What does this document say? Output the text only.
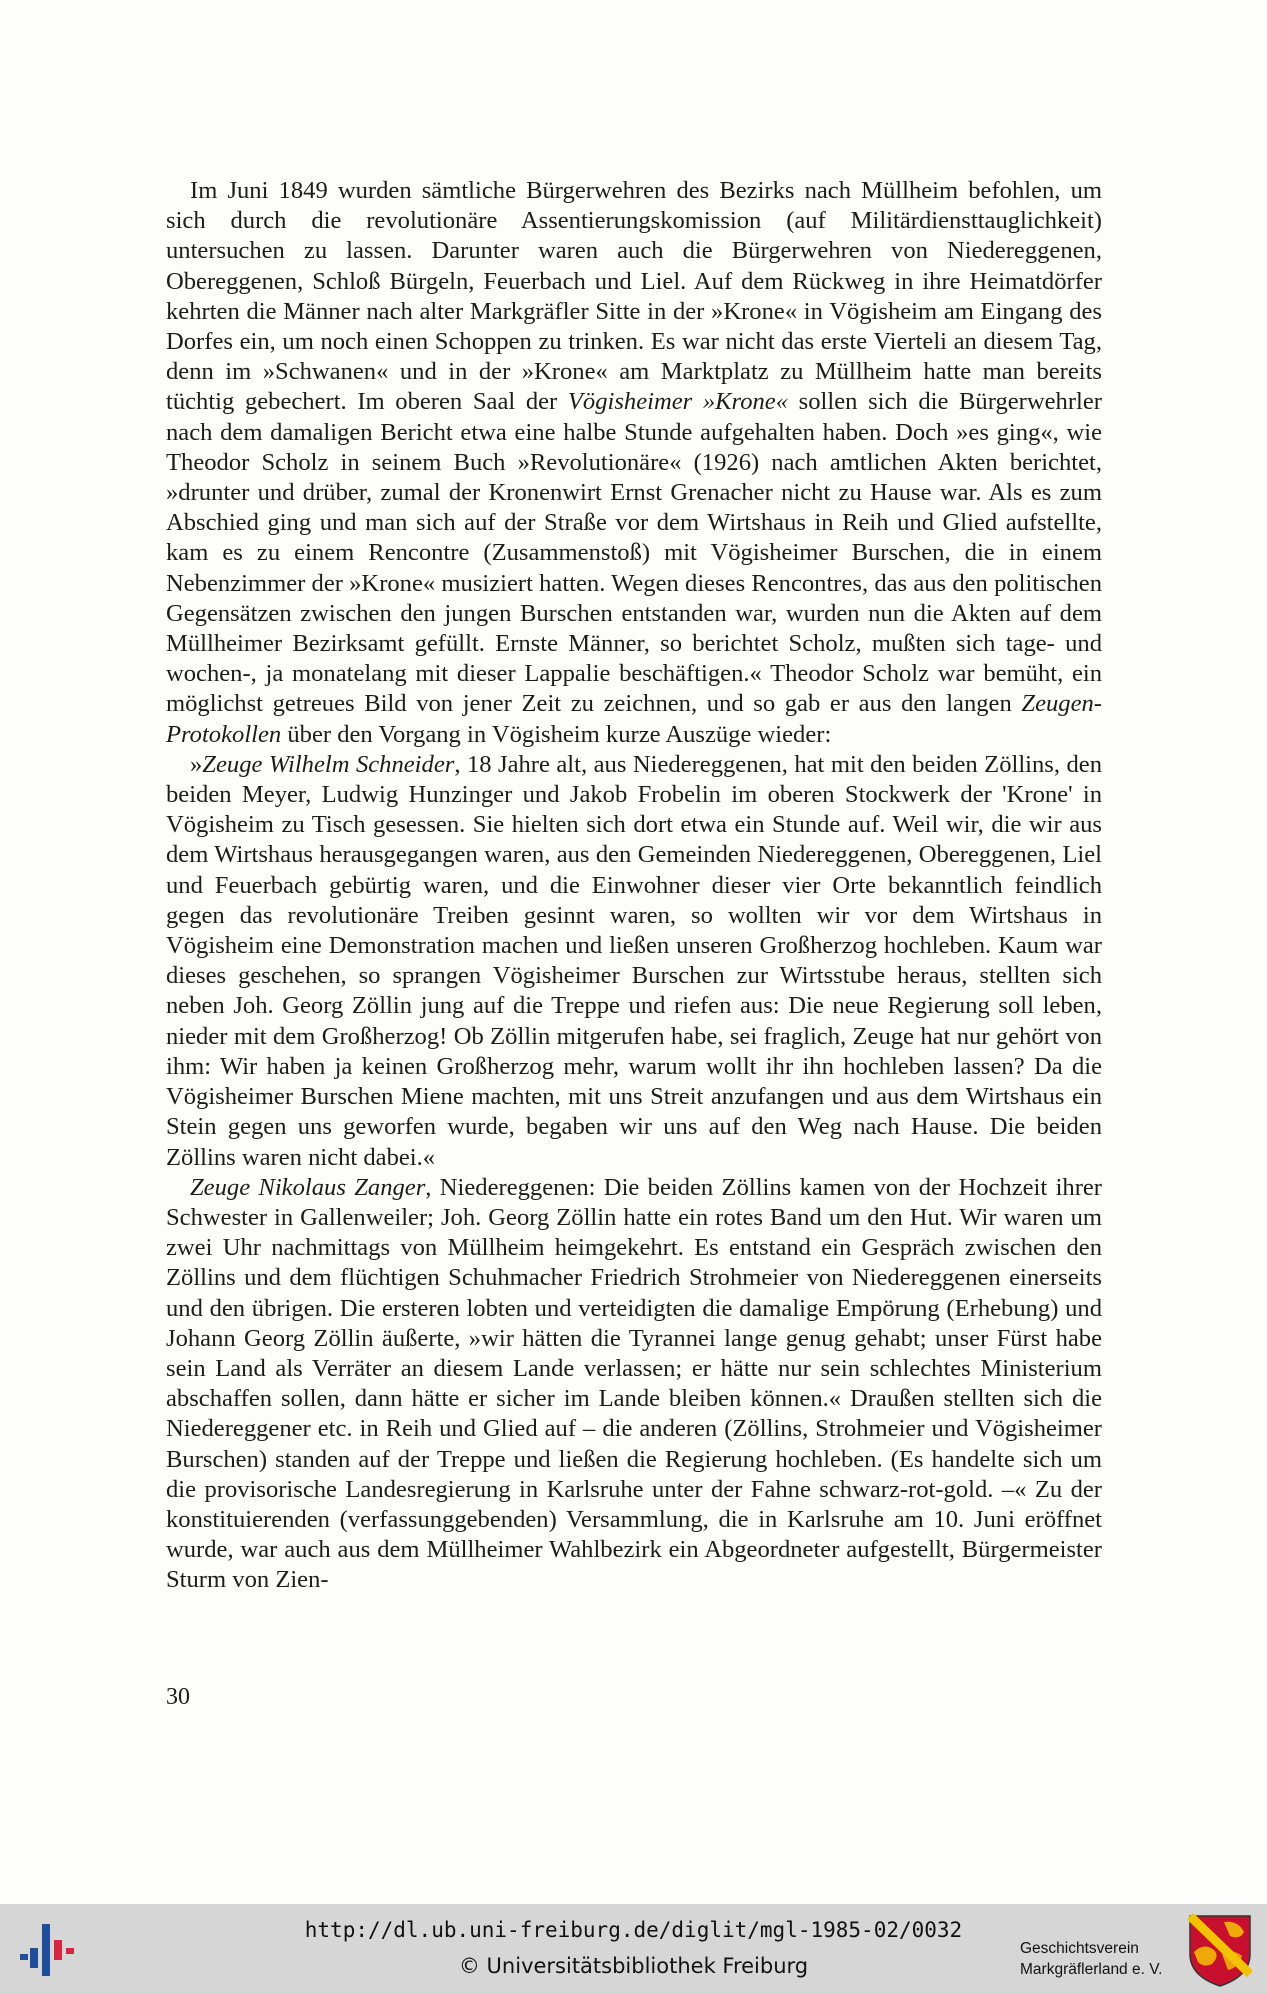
Im Juni 1849 wurden sämtliche Bürgerwehren des Bezirks nach Müllheim befohlen, um sich durch die revolutionäre Assentierungskomission (auf Militärdiensttauglichkeit) untersuchen zu lassen. Darunter waren auch die Bürgerwehren von Niedereggenen, Obereggenen, Schloß Bürgeln, Feuerbach und Liel. Auf dem Rückweg in ihre Heimatdörfer kehrten die Männer nach alter Markgräfler Sitte in der »Krone« in Vögisheim am Eingang des Dorfes ein, um noch einen Schoppen zu trinken. Es war nicht das erste Vierteli an diesem Tag, denn im »Schwanen« und in der »Krone« am Marktplatz zu Müllheim hatte man bereits tüchtig gebechert. Im oberen Saal der Vögisheimer »Krone« sollen sich die Bürgerwehrler nach dem damaligen Bericht etwa eine halbe Stunde aufgehalten haben. Doch »es ging«, wie Theodor Scholz in seinem Buch »Revolutionäre« (1926) nach amtlichen Akten berichtet, »drunter und drüber, zumal der Kronenwirt Ernst Grenacher nicht zu Hause war. Als es zum Abschied ging und man sich auf der Straße vor dem Wirtshaus in Reih und Glied aufstellte, kam es zu einem Rencontre (Zusammenstoß) mit Vögisheimer Burschen, die in einem Nebenzimmer der »Krone« musiziert hatten. Wegen dieses Rencontres, das aus den politischen Gegensätzen zwischen den jungen Burschen entstanden war, wurden nun die Akten auf dem Müllheimer Bezirksamt gefüllt. Ernste Männer, so berichtet Scholz, mußten sich tage- und wochen-, ja monatelang mit dieser Lappalie beschäftigen.« Theodor Scholz war bemüht, ein möglichst getreues Bild von jener Zeit zu zeichnen, und so gab er aus den langen Zeugen-Protokollen über den Vorgang in Vögisheim kurze Auszüge wieder:

»Zeuge Wilhelm Schneider, 18 Jahre alt, aus Niedereggenen, hat mit den beiden Zöllins, den beiden Meyer, Ludwig Hunzinger und Jakob Frobelin im oberen Stockwerk der 'Krone' in Vögisheim zu Tisch gesessen. Sie hielten sich dort etwa ein Stunde auf. Weil wir, die wir aus dem Wirtshaus herausgegangen waren, aus den Gemeinden Niedereggenen, Obereggenen, Liel und Feuerbach gebürtig waren, und die Einwohner dieser vier Orte bekanntlich feindlich gegen das revolutionäre Treiben gesinnt waren, so wollten wir vor dem Wirtshaus in Vögisheim eine Demonstration machen und ließen unseren Großherzog hochleben. Kaum war dieses geschehen, so sprangen Vögisheimer Burschen zur Wirtsstube heraus, stellten sich neben Joh. Georg Zöllin jung auf die Treppe und riefen aus: Die neue Regierung soll leben, nieder mit dem Großherzog! Ob Zöllin mitgerufen habe, sei fraglich, Zeuge hat nur gehört von ihm: Wir haben ja keinen Großherzog mehr, warum wollt ihr ihn hochleben lassen? Da die Vögisheimer Burschen Miene machten, mit uns Streit anzufangen und aus dem Wirtshaus ein Stein gegen uns geworfen wurde, begaben wir uns auf den Weg nach Hause. Die beiden Zöllins waren nicht dabei.«

Zeuge Nikolaus Zanger, Niedereggenen: Die beiden Zöllins kamen von der Hochzeit ihrer Schwester in Gallenweiler; Joh. Georg Zöllin hatte ein rotes Band um den Hut. Wir waren um zwei Uhr nachmittags von Müllheim heimgekehrt. Es entstand ein Gespräch zwischen den Zöllins und dem flüchtigen Schuhmacher Friedrich Strohmeier von Niedereggenen einerseits und den übrigen. Die ersteren lobten und verteidigten die damalige Empörung (Erhebung) und Johann Georg Zöllin äußerte, »wir hätten die Tyrannei lange genug gehabt; unser Fürst habe sein Land als Verräter an diesem Lande verlassen; er hätte nur sein schlechtes Ministerium abschaffen sollen, dann hätte er sicher im Lande bleiben können.« Draußen stellten sich die Niedereggener etc. in Reih und Glied auf – die anderen (Zöllins, Strohmeier und Vögisheimer Burschen) standen auf der Treppe und ließen die Regierung hochleben. (Es handelte sich um die provisorische Landesregierung in Karlsruhe unter der Fahne schwarz-rot-gold. –« Zu der konstituierenden (verfassunggebenden) Versammlung, die in Karlsruhe am 10. Juni eröffnet wurde, war auch aus dem Müllheimer Wahlbezirk ein Abgeordneter aufgestellt, Bürgermeister Sturm von Zien-

30
http://dl.ub.uni-freiburg.de/diglit/mgl-1985-02/0032
© Universitätsbibliothek Freiburg
Geschichtsverein
Markgräflerland e. V.
